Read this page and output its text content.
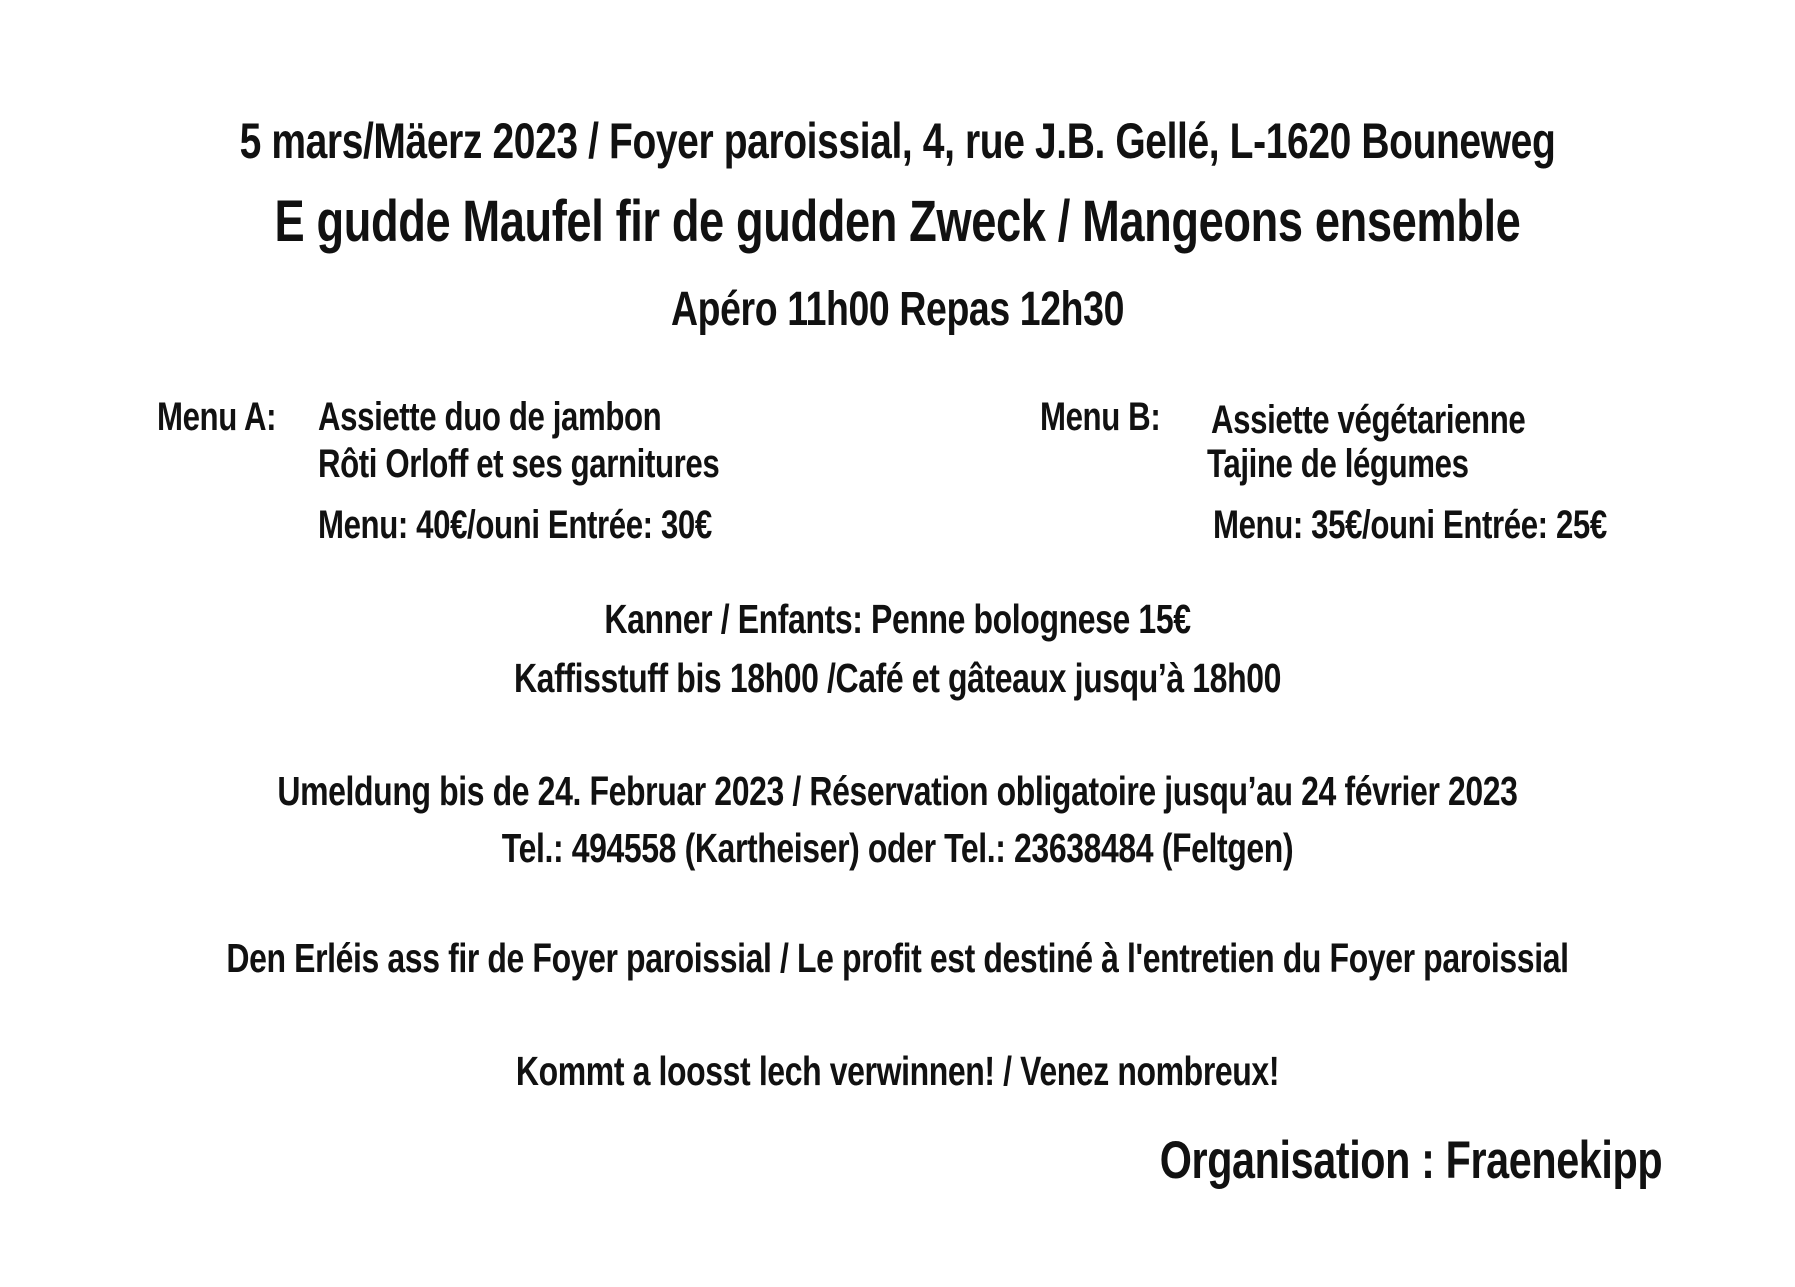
5 mars/Mäerz 2023 / Foyer paroissial, 4, rue J.B. Gellé, L-1620 Bouneweg
E gudde Maufel fir de gudden Zweck / Mangeons ensemble
Apéro 11h00 Repas 12h30
Menu A: Assiette duo de jambon
Rôti Orloff et ses garnitures
Menu: 40€/ouni Entrée: 30€
Menu B: Assiette végétarienne
Tajine de légumes
Menu: 35€/ouni Entrée: 25€
Kanner / Enfants: Penne bolognese 15€
Kaffisstuff bis 18h00 /Café et gâteaux jusqu’à 18h00
Umeldung bis de 24. Februar 2023 / Réservation obligatoire jusqu’au 24 février 2023
Tel.: 494558 (Kartheiser) oder Tel.: 23638484 (Feltgen)
Den Erléis ass fir de Foyer paroissial / Le profit est destiné à l'entretien du Foyer paroissial
Kommt a loosst lech verwinnen! / Venez nombreux!
Organisation : Fraenekipp
